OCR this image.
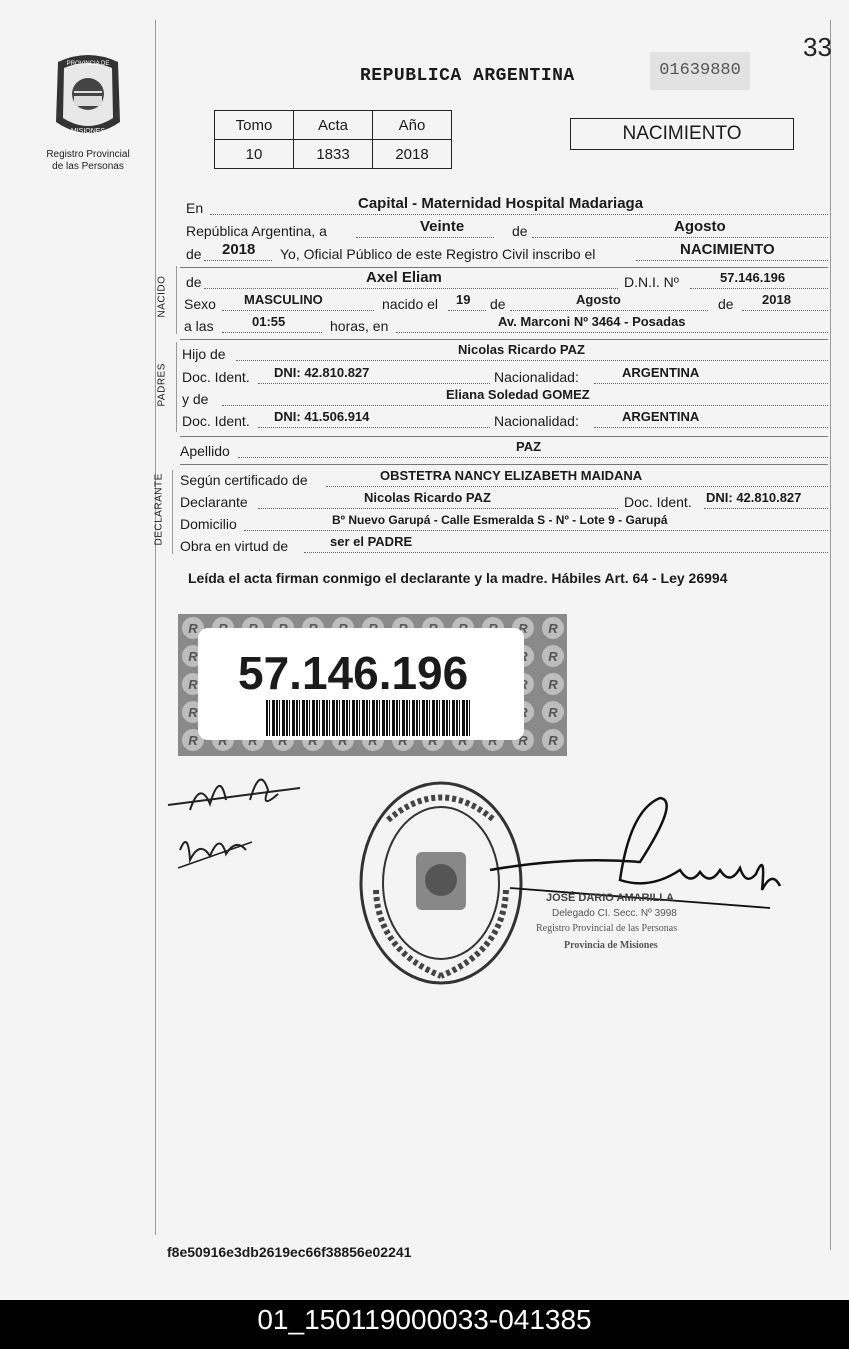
33
PROVINCIA DE
MISIONES
Registro Provincial
de las Personas
REPUBLICA ARGENTINA	01639880
Tomo	Acta	Año
10	1833	2018
NACIMIENTO
En	Capital - Maternidad Hospital Madariaga
República Argentina, a	Veinte	de	Agosto
de 2018 Yo, Oficial Público de este Registro Civil inscribo el	NACIMIENTO
NACIDO de	Axel Eliam	D.N.I. Nº	57.146.196
Sexo MASCULINO	nacido el 19 de	Agosto	de 2018
a las	01:55	horas, en	Av. Marconi Nº 3464 - Posadas
PADRES
Hijo de	Nicolas Ricardo PAZ
Doc. Ident. DNI: 42.810.827	Nacionalidad:	ARGENTINA
y de	Eliana Soledad GOMEZ
Doc. Ident. DNI: 41.506.914	Nacionalidad:	ARGENTINA
Apellido	PAZ
DECLARANTE Según certificado de	OBSTETRA NANCY ELIZABETH MAIDANA
Declarante	Nicolas Ricardo PAZ	Doc. Ident. DNI: 42.810.827
Domicilio	Bº Nuevo Garupá - Calle Esmeralda S - Nº - Lote 9 - Garupá
Obra en virtud de	ser el PADRE
Leída el acta firman conmigo el declarante y la madre. Hábiles Art. 64 - Ley 26994
57.146.196
JOSÉ DARIO AMARILLA
Delegado CI. Secc. Nº 3998
Registro Provincial de las Personas
Provincia de Misiones
f8e50916e3db2619ec66f38856e02241
01_150119000033-041385
